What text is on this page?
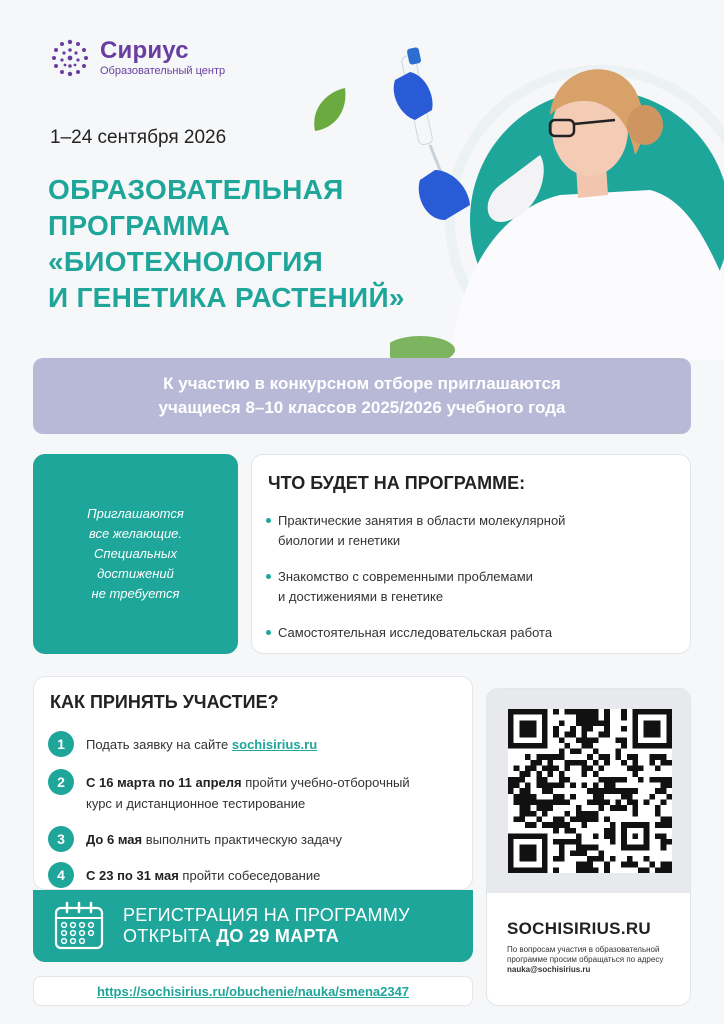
Сириус
Образовательный центр
1–24 сентября 2026
ОБРАЗОВАТЕЛЬНАЯ
ПРОГРАММА
«БИОТЕХНОЛОГИЯ
И ГЕНЕТИКА РАСТЕНИЙ»
К участию в конкурсном отборе приглашаются
учащиеся 8–10 классов 2025/2026 учебного года

Приглашаются
все желающие.
Специальных
достижений
не требуется

ЧТО БУДЕТ НА ПРОГРАММЕ:
Практические занятия в области молекулярной
биологии и генетики
Знакомство с современными проблемами
и достижениями в генетике
Самостоятельная исследовательская работа
КАК ПРИНЯТЬ УЧАСТИЕ?
1	Подать заявку на сайте sochisirius.ru
2	С 16 марта по 11 апреля пройти учебно-отборочный
курс и дистанционное тестирование
3	До 6 мая выполнить практическую задачу
4	С 23 по 31 мая пройти собеседование
РЕГИСТРАЦИЯ НА ПРОГРАММУ
ОТКРЫТА ДО 29 МАРТА
https://sochisirius.ru/obuchenie/nauka/smena2347
SOCHISIRIUS.RU
По вопросам участия в образовательной
программе просим обращаться по адресу
nauka@sochisirius.ru
